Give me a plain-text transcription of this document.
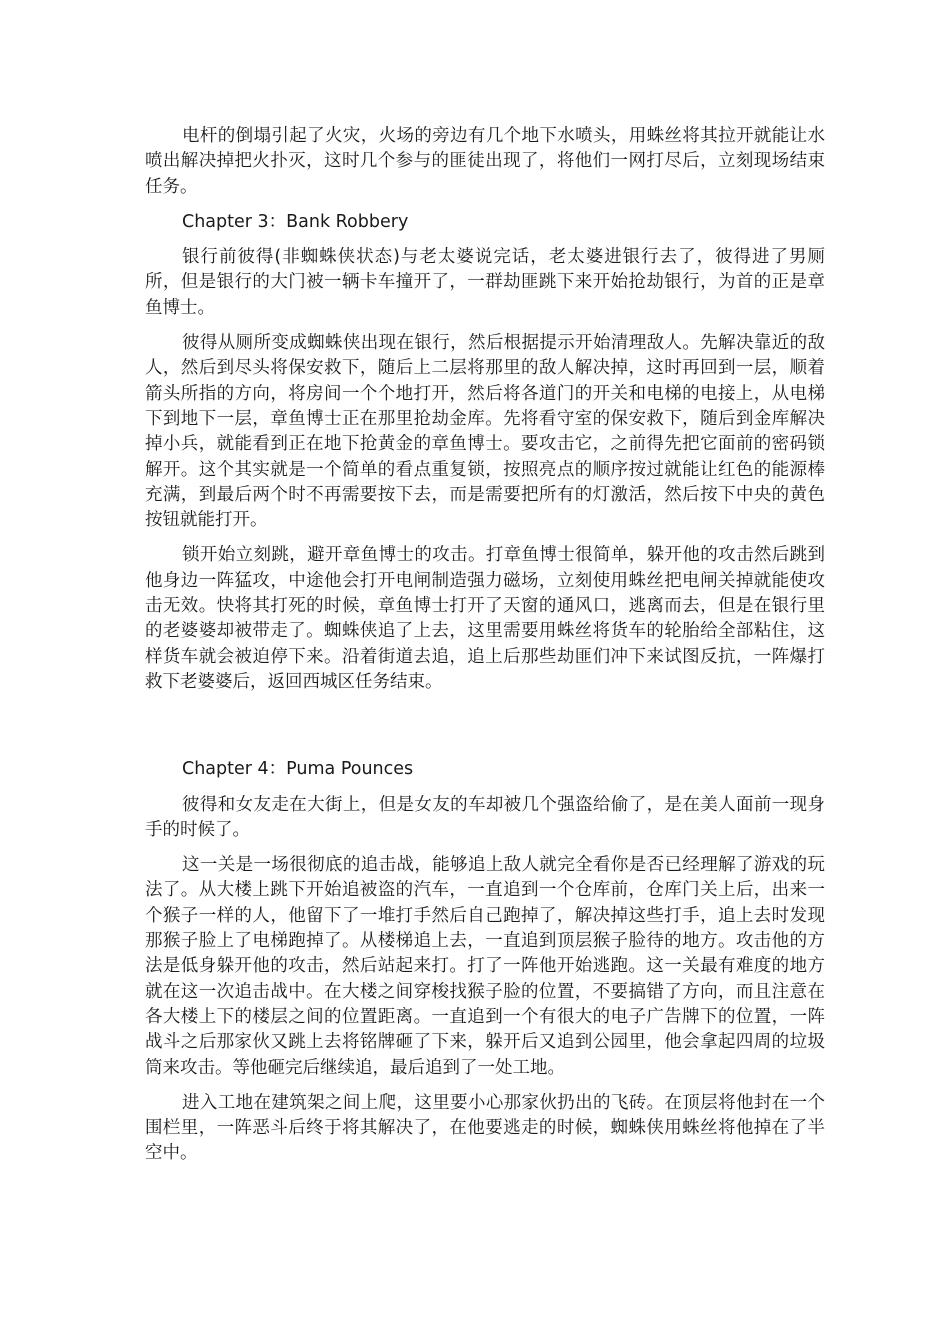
电杆的倒塌引起了火灾，火场的旁边有几个地下水喷头，用蛛丝将其拉开就能让水喷出解决掉把火扑灭，这时几个参与的匪徒出现了，将他们一网打尽后，立刻现场结束任务。

Chapter 3：Bank Robbery

银行前彼得(非蜘蛛侠状态)与老太婆说完话，老太婆进银行去了，彼得进了男厕所，但是银行的大门被一辆卡车撞开了，一群劫匪跳下来开始抢劫银行，为首的正是章鱼博士。

彼得从厕所变成蜘蛛侠出现在银行，然后根据提示开始清理敌人。先解决靠近的敌人，然后到尽头将保安救下，随后上二层将那里的敌人解决掉，这时再回到一层，顺着箭头所指的方向，将房间一个个地打开，然后将各道门的开关和电梯的电接上，从电梯下到地下一层，章鱼博士正在那里抢劫金库。先将看守室的保安救下，随后到金库解决掉小兵，就能看到正在地下抢黄金的章鱼博士。要攻击它，之前得先把它面前的密码锁解开。这个其实就是一个简单的看点重复锁，按照亮点的顺序按过就能让红色的能源棒充满，到最后两个时不再需要按下去，而是需要把所有的灯激活，然后按下中央的黄色按钮就能打开。

锁开始立刻跳，避开章鱼博士的攻击。打章鱼博士很简单，躲开他的攻击然后跳到他身边一阵猛攻，中途他会打开电闸制造强力磁场，立刻使用蛛丝把电闸关掉就能使攻击无效。快将其打死的时候，章鱼博士打开了天窗的通风口，逃离而去，但是在银行里的老婆婆却被带走了。蜘蛛侠追了上去，这里需要用蛛丝将货车的轮胎给全部粘住，这样货车就会被迫停下来。沿着街道去追，追上后那些劫匪们冲下来试图反抗，一阵爆打救下老婆婆后，返回西城区任务结束。

Chapter 4：Puma Pounces

彼得和女友走在大街上，但是女友的车却被几个强盗给偷了，是在美人面前一现身手的时候了。

这一关是一场很彻底的追击战，能够追上敌人就完全看你是否已经理解了游戏的玩法了。从大楼上跳下开始追被盗的汽车，一直追到一个仓库前，仓库门关上后，出来一个猴子一样的人，他留下了一堆打手然后自己跑掉了，解决掉这些打手，追上去时发现那猴子脸上了电梯跑掉了。从楼梯追上去，一直追到顶层猴子脸待的地方。攻击他的方法是低身躲开他的攻击，然后站起来打。打了一阵他开始逃跑。这一关最有难度的地方就在这一次追击战中。在大楼之间穿梭找猴子脸的位置，不要搞错了方向，而且注意在各大楼上下的楼层之间的位置距离。一直追到一个有很大的电子广告牌下的位置，一阵战斗之后那家伙又跳上去将铭牌砸了下来，躲开后又追到公园里，他会拿起四周的垃圾筒来攻击。等他砸完后继续追，最后追到了一处工地。

进入工地在建筑架之间上爬，这里要小心那家伙扔出的飞砖。在顶层将他封在一个围栏里，一阵恶斗后终于将其解决了，在他要逃走的时候，蜘蛛侠用蛛丝将他掉在了半空中。
